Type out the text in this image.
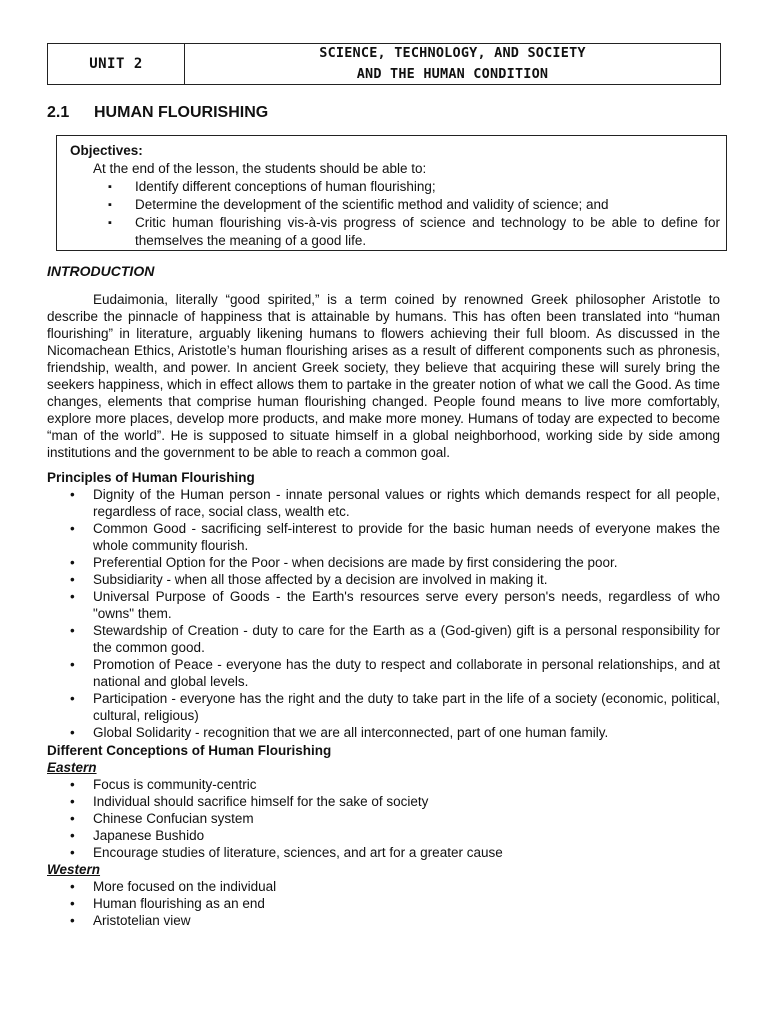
UNIT 2
SCIENCE, TECHNOLOGY, AND SOCIETY
AND THE HUMAN CONDITION
2.1 HUMAN FLOURISHING
Objectives:
At the end of the lesson, the students should be able to:
▪ Identify different conceptions of human flourishing;
▪ Determine the development of the scientific method and validity of science; and
▪ Critic human flourishing vis-à-vis progress of science and technology to be able to define for themselves the meaning of a good life.
INTRODUCTION

Eudaimonia, literally “good spirited,” is a term coined by renowned Greek philosopher Aristotle to describe the pinnacle of happiness that is attainable by humans. This has often been translated into “human flourishing” in literature, arguably likening humans to flowers achieving their full bloom. As discussed in the Nicomachean Ethics, Aristotle’s human flourishing arises as a result of different components such as phronesis, friendship, wealth, and power. In ancient Greek society, they believe that acquiring these will surely bring the seekers happiness, which in effect allows them to partake in the greater notion of what we call the Good. As time changes, elements that comprise human flourishing changed. People found means to live more comfortably, explore more places, develop more products, and make more money. Humans of today are expected to become “man of the world”. He is supposed to situate himself in a global neighborhood, working side by side among institutions and the government to be able to reach a common goal.

Principles of Human Flourishing

• Dignity of the Human person - innate personal values or rights which demands respect for all people, regardless of race, social class, wealth etc.
• Common Good - sacrificing self-interest to provide for the basic human needs of everyone makes the whole community flourish.
• Preferential Option for the Poor - when decisions are made by first considering the poor.
• Subsidiarity - when all those affected by a decision are involved in making it.
• Universal Purpose of Goods - the Earth's resources serve every person's needs, regardless of who "owns" them.
• Stewardship of Creation - duty to care for the Earth as a (God-given) gift is a personal responsibility for the common good.
• Promotion of Peace - everyone has the duty to respect and collaborate in personal relationships, and at national and global levels.
• Participation - everyone has the right and the duty to take part in the life of a society (economic, political, cultural, religious)
• Global Solidarity - recognition that we are all interconnected, part of one human family.

Different Conceptions of Human Flourishing

Eastern

• Focus is community-centric
• Individual should sacrifice himself for the sake of society
• Chinese Confucian system
• Japanese Bushido
• Encourage studies of literature, sciences, and art for a greater cause

Western

• More focused on the individual
• Human flourishing as an end
• Aristotelian view
